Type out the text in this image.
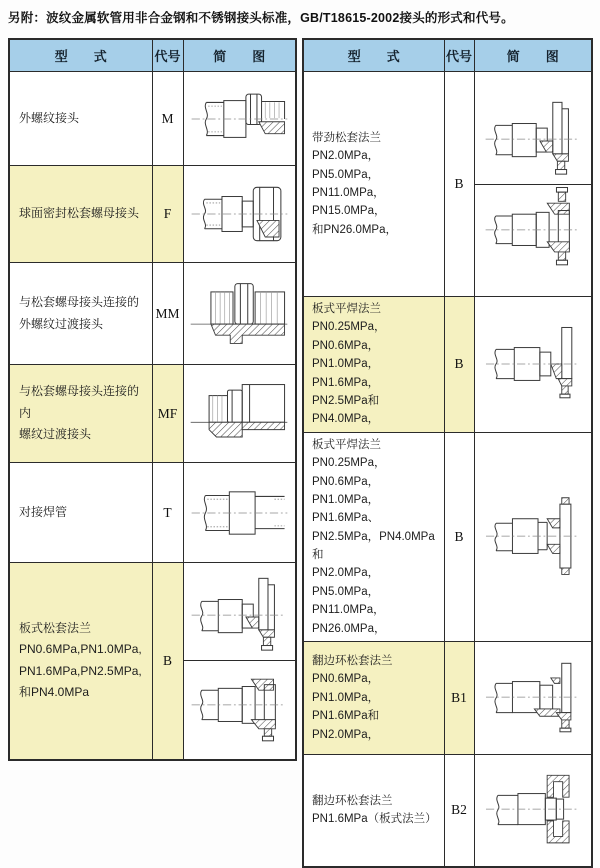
另附：波纹金属软管用非合金钢和不锈钢接头标准，GB/T18615-2002接头的形式和代号。
型　　式	代号	简　　图
外螺纹接头	M	

球面密封松套螺母接头	F	

与松套螺母接头连接的
外螺纹过渡接头	MM	

与松套螺母接头连接的内
螺纹过渡接头	MF	

对接焊管	T	

板式松套法兰
PN0.6MPa,PN1.0MPa,
PN1.6MPa,PN2.5MPa,
和PN4.0MPa	B	
型　　式	代号	简　　图
带劲松套法兰
PN2.0MPa，PN5.0MPa，
PN11.0MPa，PN15.0MPa，
和PN26.0MPa，	B	

板式平焊法兰
PN0.25MPa，PN0.6MPa，
PN1.0MPa，PN1.6MPa，
PN2.5MPa和PN4.0MPa，	B	

板式平焊法兰
PN0.25MPa，PN0.6MPa，
PN1.0MPa，PN1.6MPa、
PN2.5MPa，PN4.0MPa和
PN2.0MPa，PN5.0MPa，
PN11.0MPa，PN26.0MPa，	B	

翻边环松套法兰
PN0.6MPa，PN1.0MPa，
PN1.6MPa和PN2.0MPa，	B1	

翻边环松套法兰
PN1.6MPa（板式法兰）	B2	
